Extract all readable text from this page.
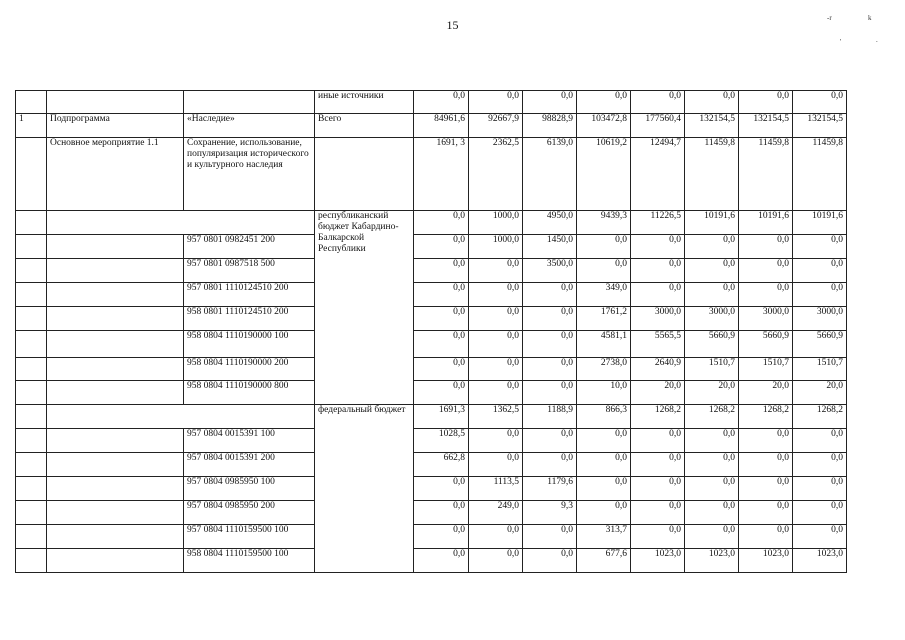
15	-r	k
.
'
			иные источники	0,0	0,0	0,0	0,0	0,0	0,0	0,0	0,0
1	Подпрограмма	«Наследие»	Всего	84961,6	92667,9	98828,9	103472,8	177560,4	132154,5	132154,5	132154,5
	Основное мероприятие 1.1	Сохранение, использование, популяризация исторического и культурного наследия		1691, 3	2362,5	6139,0	10619,2	12494,7	11459,8	11459,8	11459,8
			республиканский бюджет Кабардино-Балкарской Республики	0,0	1000,0	4950,0	9439,3	11226,5	10191,6	10191,6	10191,6
		957 0801 0982451 200		0,0	1000,0	1450,0	0,0	0,0	0,0	0,0	0,0
		957 0801 0987518 500		0,0	0,0	3500,0	0,0	0,0	0,0	0,0	0,0
		957 0801 1110124510 200		0,0	0,0	0,0	349,0	0,0	0,0	0,0	0,0
		958 0801 1110124510 200		0,0	0,0	0,0	1761,2	3000,0	3000,0	3000,0	3000,0
		958 0804 1110190000 100		0,0	0,0	0,0	4581,1	5565,5	5660,9	5660,9	5660,9
		958 0804 1110190000 200		0,0	0,0	0,0	2738,0	2640,9	1510,7	1510,7	1510,7
		958 0804 1110190000 800		0,0	0,0	0,0	10,0	20,0	20,0	20,0	20,0
			федеральный бюджет	1691,3	1362,5	1188,9	866,3	1268,2	1268,2	1268,2	1268,2
		957 0804 0015391 100		1028,5	0,0	0,0	0,0	0,0	0,0	0,0	0,0
		957 0804 0015391 200		662,8	0,0	0,0	0,0	0,0	0,0	0,0	0,0
		957 0804 0985950 100		0,0	1113,5	1179,6	0,0	0,0	0,0	0,0	0,0
		957 0804 0985950 200		0,0	249,0	9,3	0,0	0,0	0,0	0,0	0,0
		957 0804 1110159500 100		0,0	0,0	0,0	313,7	0,0	0,0	0,0	0,0
		958 0804 1110159500 100		0,0	0,0	0,0	677,6	1023,0	1023,0	1023,0	1023,0
